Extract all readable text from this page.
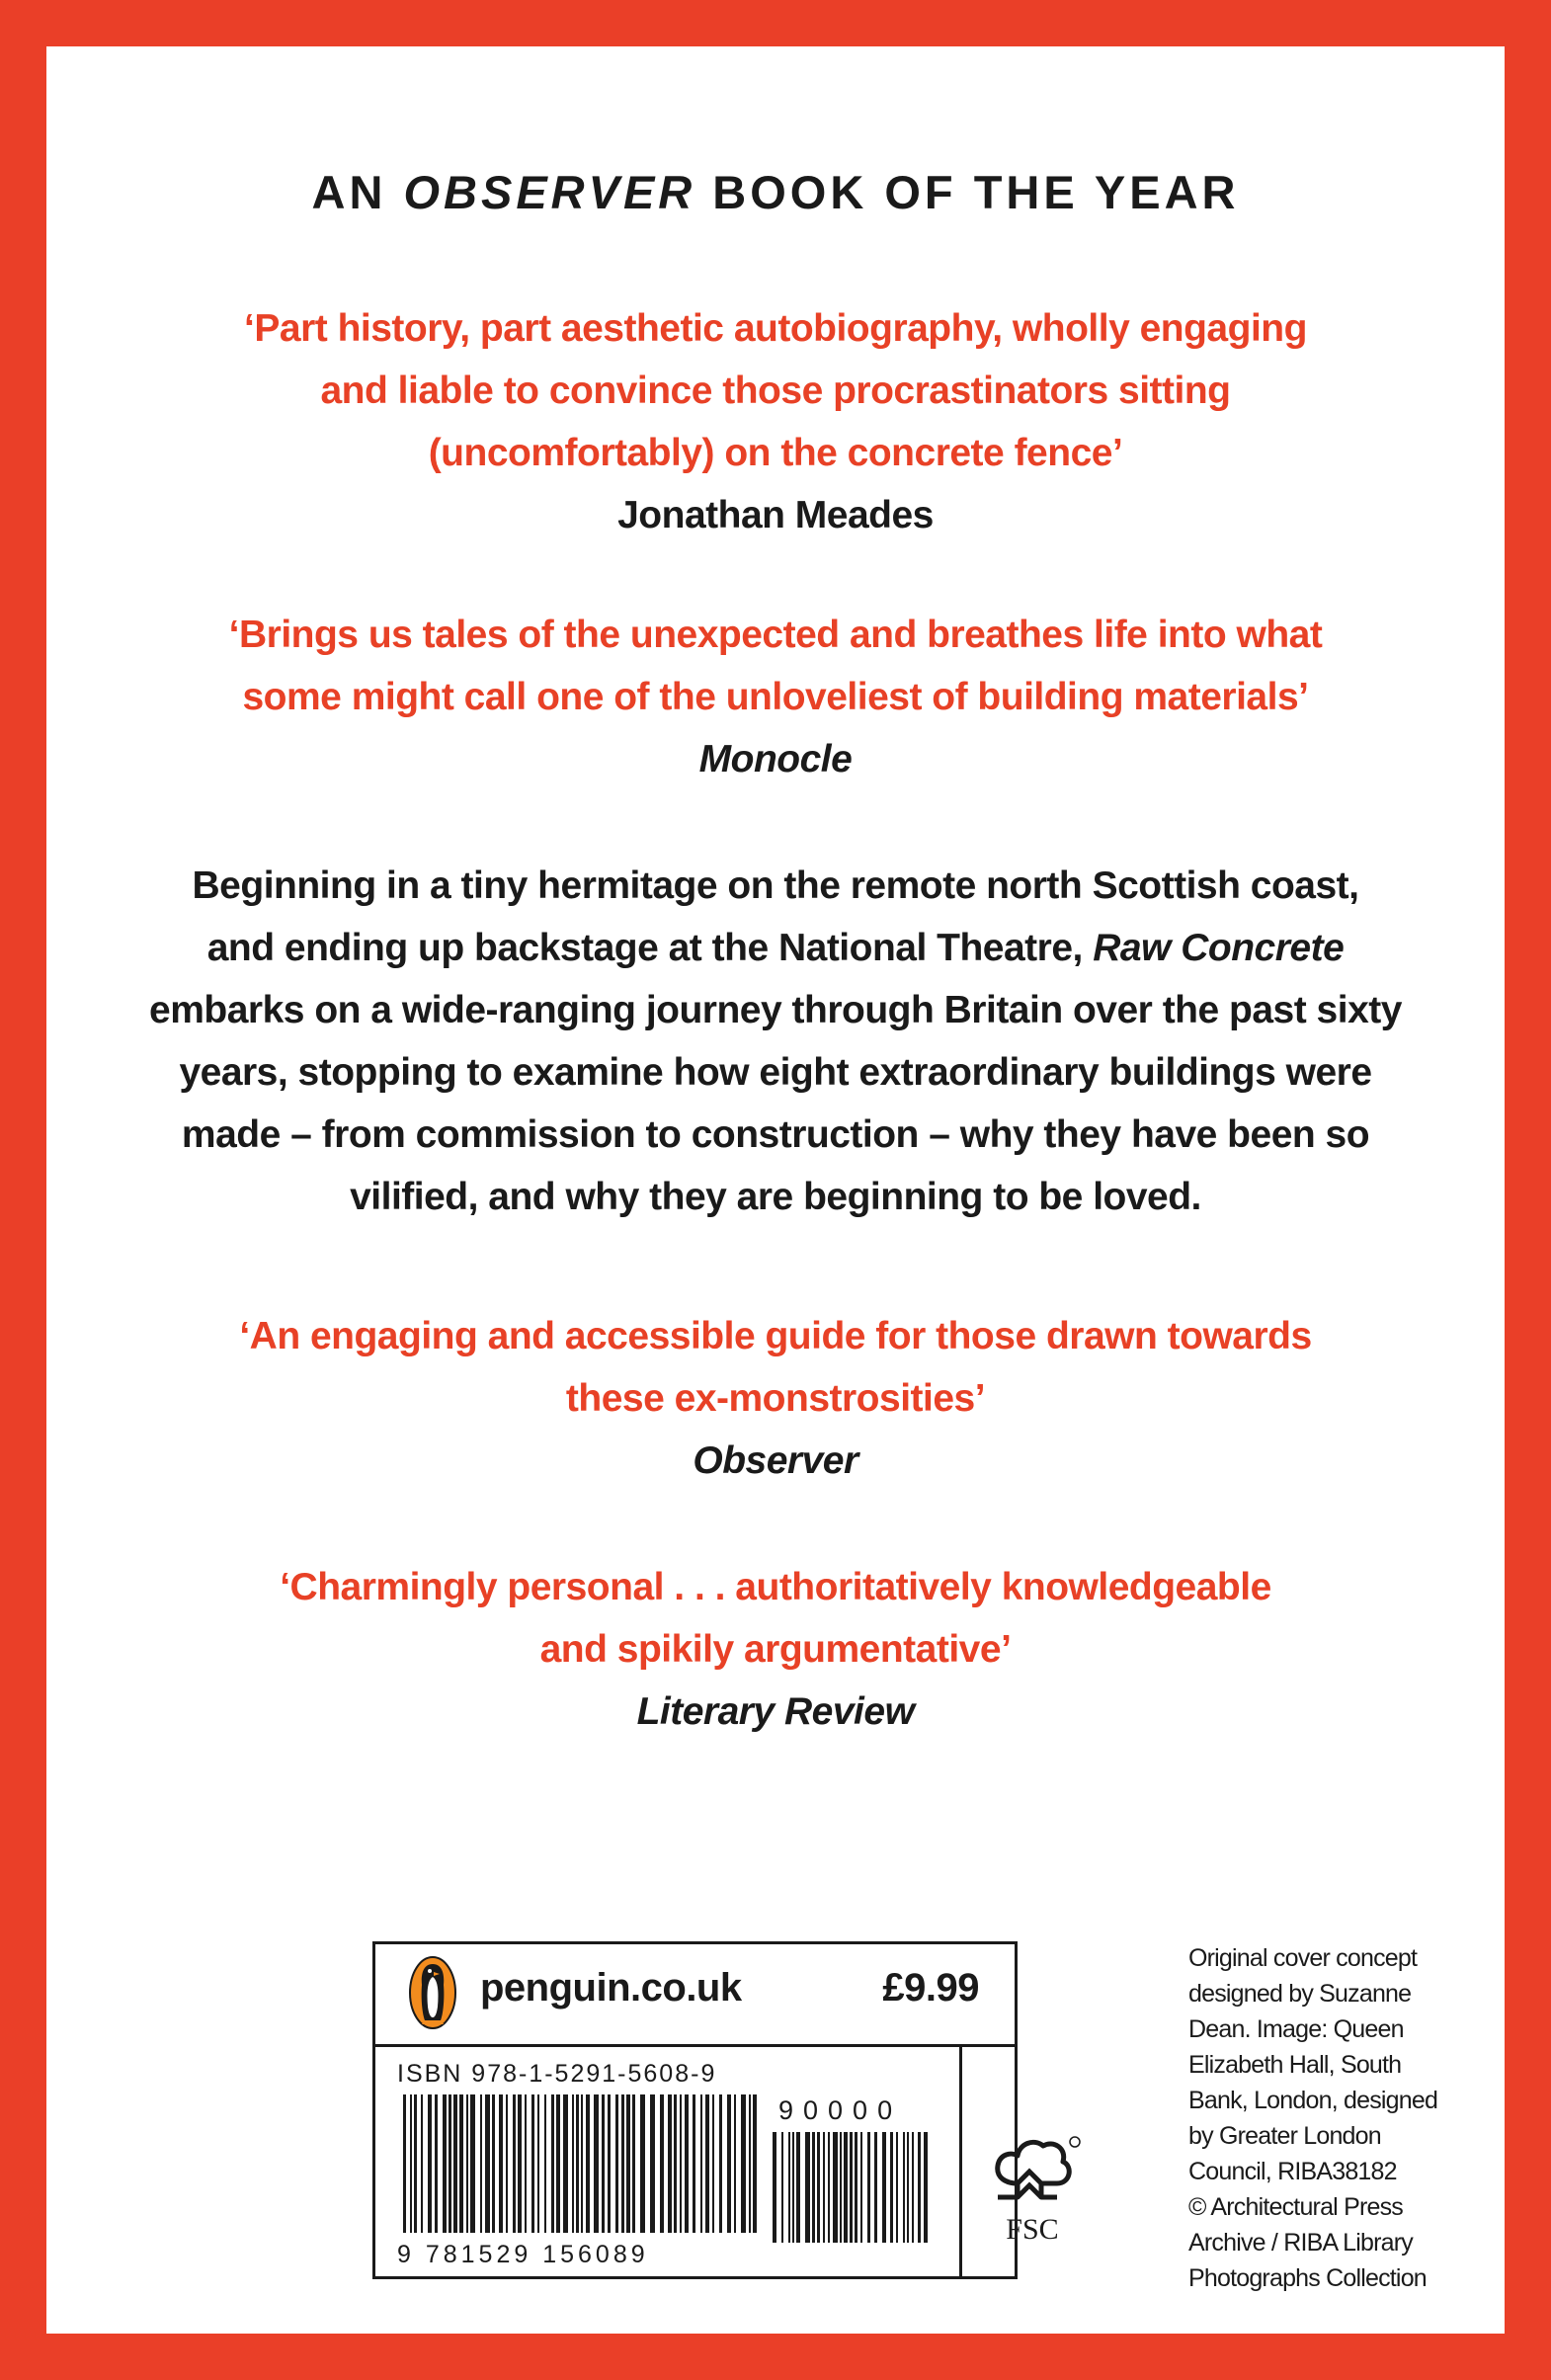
AN OBSERVER BOOK OF THE YEAR

‘Part history, part aesthetic autobiography, wholly engaging
and liable to convince those procrastinators sitting
(uncomfortably) on the concrete fence’
Jonathan Meades
‘Brings us tales of the unexpected and breathes life into what
some might call one of the unloveliest of building materials’
Monocle
Beginning in a tiny hermitage on the remote north Scottish coast,
and ending up backstage at the National Theatre, Raw Concrete
embarks on a wide-ranging journey through Britain over the past sixty
years, stopping to examine how eight extraordinary buildings were
made – from commission to construction – why they have been so
vilified, and why they are beginning to be loved.
‘An engaging and accessible guide for those drawn towards
these ex-monstrosities’
Observer
‘Charmingly personal . . . authoritatively knowledgeable
and spikily argumentative’
Literary Review
penguin.co.uk	£9.99
ISBN 978-1-5291-5608-9
9 781529 156089
90000
FSC
Original cover concept
designed by Suzanne
Dean. Image: Queen
Elizabeth Hall, South
Bank, London, designed
by Greater London
Council, RIBA38182
© Architectural Press
Archive / RIBA Library
Photographs Collection
